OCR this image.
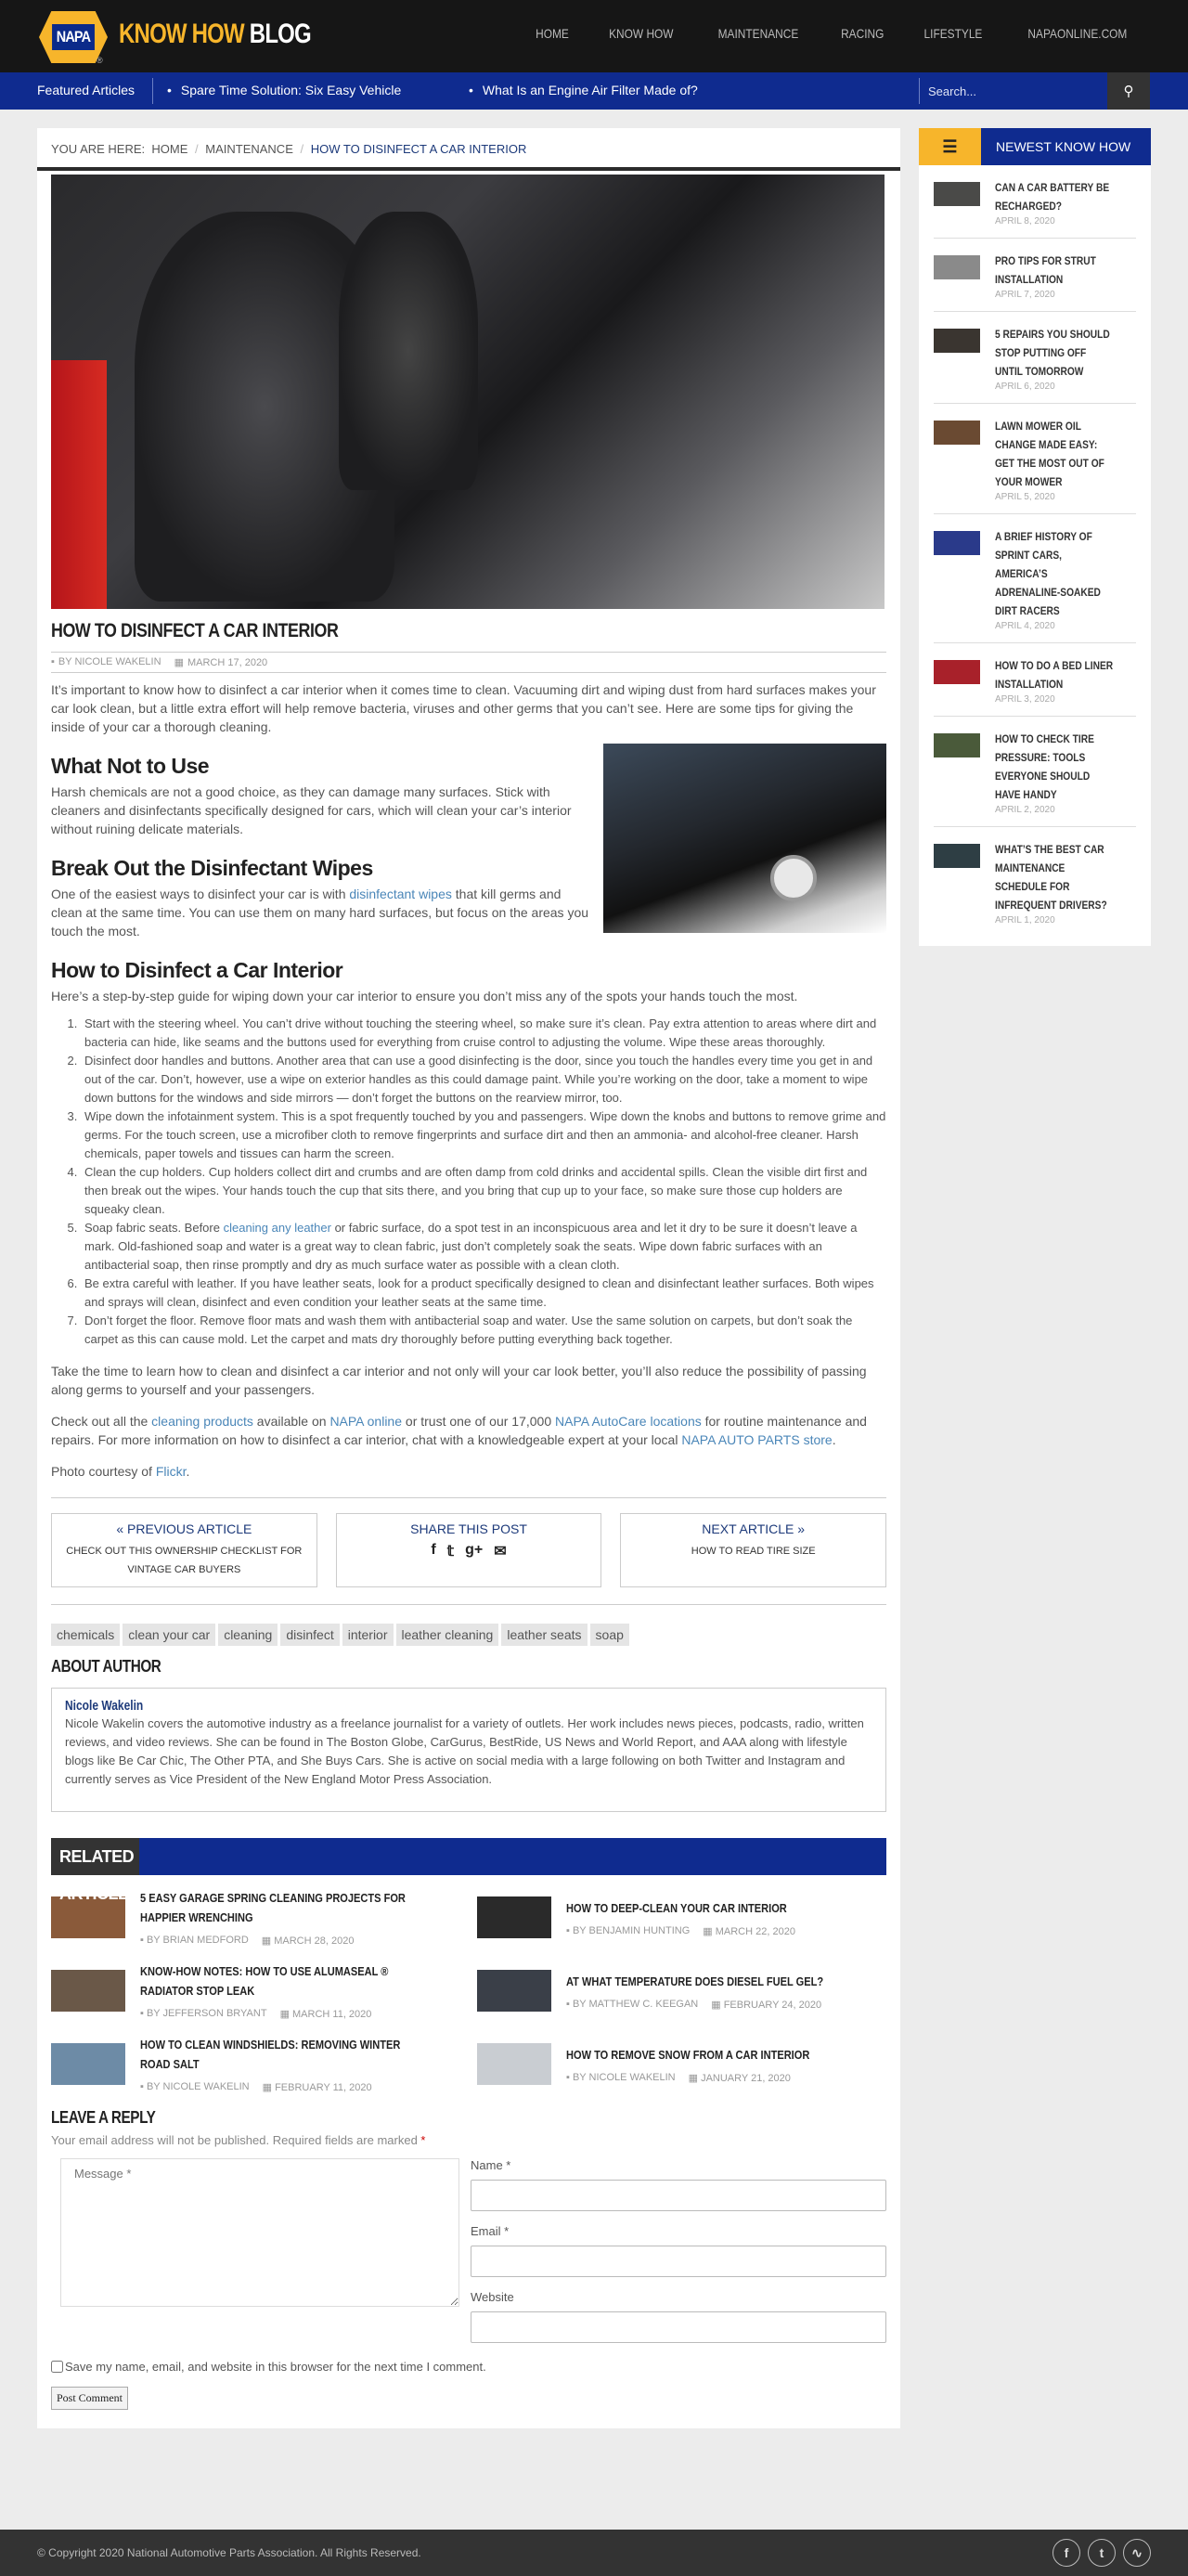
NAPA
®
KNOW HOW BLOG	HOME	KNOW HOW	MAINTENANCE	RACING	LIFESTYLE	NAPAONLINE.COM
Featured Articles	• Spare Time Solution: Six Easy Vehicle	• What Is an Engine Air Filter Made of?
Search...	⚲
YOU ARE HERE: HOME / MAINTENANCE / HOW TO DISINFECT A CAR INTERIOR
HOW TO DISINFECT A CAR INTERIOR
▪ BY NICOLE WAKELIN ▦ MARCH 17, 2020

It’s important to know how to disinfect a car interior when it comes time to clean. Vacuuming dirt and wiping dust from hard surfaces makes your car look clean, but a little extra effort will help remove bacteria, viruses and other germs that you can’t see. Here are some tips for giving the inside of your car a thorough cleaning.

What Not to Use

Harsh chemicals are not a good choice, as they can damage many surfaces. Stick with cleaners and disinfectants specifically designed for cars, which will clean your car’s interior without ruining delicate materials.

Break Out the Disinfectant Wipes

One of the easiest ways to disinfect your car is with disinfectant wipes that kill germs and clean at the same time. You can use them on many hard surfaces, but focus on the areas you touch the most.

How to Disinfect a Car Interior

Here’s a step-by-step guide for wiping down your car interior to ensure you don’t miss any of the spots your hands touch the most.

1. Start with the steering wheel. You can’t drive without touching the steering wheel, so make sure it’s clean. Pay extra attention to areas where dirt and bacteria can hide, like seams and the buttons used for everything from cruise control to adjusting the volume. Wipe these areas thoroughly.
2. Disinfect door handles and buttons. Another area that can use a good disinfecting is the door, since you touch the handles every time you get in and out of the car. Don’t, however, use a wipe on exterior handles as this could damage paint. While you’re working on the door, take a moment to wipe down buttons for the windows and side mirrors — don’t forget the buttons on the rearview mirror, too.
3. Wipe down the infotainment system. This is a spot frequently touched by you and passengers. Wipe down the knobs and buttons to remove grime and germs. For the touch screen, use a microfiber cloth to remove fingerprints and surface dirt and then an ammonia- and alcohol-free cleaner. Harsh chemicals, paper towels and tissues can harm the screen.
4. Clean the cup holders. Cup holders collect dirt and crumbs and are often damp from cold drinks and accidental spills. Clean the visible dirt first and then break out the wipes. Your hands touch the cup that sits there, and you bring that cup up to your face, so make sure those cup holders are squeaky clean.
5. Soap fabric seats. Before cleaning any leather or fabric surface, do a spot test in an inconspicuous area and let it dry to be sure it doesn’t leave a mark. Old-fashioned soap and water is a great way to clean fabric, just don’t completely soak the seats. Wipe down fabric surfaces with an antibacterial soap, then rinse promptly and dry as much surface water as possible with a clean cloth.
6. Be extra careful with leather. If you have leather seats, look for a product specifically designed to clean and disinfectant leather surfaces. Both wipes and sprays will clean, disinfect and even condition your leather seats at the same time.
7. Don’t forget the floor. Remove floor mats and wash them with antibacterial soap and water. Use the same solution on carpets, but don’t soak the carpet as this can cause mold. Let the carpet and mats dry thoroughly before putting everything back together.

Take the time to learn how to clean and disinfect a car interior and not only will your car look better, you’ll also reduce the possibility of passing along germs to yourself and your passengers.

Check out all the cleaning products available on NAPA online or trust one of our 17,000 NAPA AutoCare locations for routine maintenance and repairs. For more information on how to disinfect a car interior, chat with a knowledgeable expert at your local NAPA AUTO PARTS store.

Photo courtesy of Flickr.

« PREVIOUS ARTICLE
CHECK OUT THIS OWNERSHIP CHECKLIST FOR VINTAGE CAR BUYERS
SHARE THIS POST
f 𝕥 g+ ✉
NEXT ARTICLE »
HOW TO READ TIRE SIZE
chemicals	clean your car	cleaning	disinfect	interior	leather cleaning	leather seats	soap
ABOUT AUTHOR
Nicole Wakelin
Nicole Wakelin covers the automotive industry as a freelance journalist for a variety of outlets. Her work includes news pieces, podcasts, radio, written reviews, and video reviews. She can be found in The Boston Globe, CarGurus, BestRide, US News and World Report, and AAA along with lifestyle blogs like Be Car Chic, The Other PTA, and She Buys Cars. She is active on social media with a large following on both Twitter and Instagram and currently serves as Vice President of the New England Motor Press Association.
RELATED ARTICLES 5 EASY GARAGE SPRING CLEANING PROJECTS FOR HAPPIER WRENCHING
▪ BY BRIAN MEDFORD ▦ MARCH 28, 2020
HOW TO DEEP-CLEAN YOUR CAR INTERIOR
▪ BY BENJAMIN HUNTING ▦ MARCH 22, 2020
KNOW-HOW NOTES: HOW TO USE ALUMASEAL ® RADIATOR STOP LEAK
▪ BY JEFFERSON BRYANT ▦ MARCH 11, 2020
AT WHAT TEMPERATURE DOES DIESEL FUEL GEL?
▪ BY MATTHEW C. KEEGAN ▦ FEBRUARY 24, 2020
HOW TO CLEAN WINDSHIELDS: REMOVING WINTER ROAD SALT
▪ BY NICOLE WAKELIN ▦ FEBRUARY 11, 2020
HOW TO REMOVE SNOW FROM A CAR INTERIOR
▪ BY NICOLE WAKELIN ▦ JANUARY 21, 2020
LEAVE A REPLY
Your email address will not be published. Required fields are marked *
Message *
Name *
Email *
Website
Save my name, email, and website in this browser for the next time I comment.
Post Comment
☰	NEWEST KNOW HOW
CAN A CAR BATTERY BE RECHARGED?
APRIL 8, 2020
PRO TIPS FOR STRUT INSTALLATION
APRIL 7, 2020
5 REPAIRS YOU SHOULD STOP PUTTING OFF UNTIL TOMORROW
APRIL 6, 2020
LAWN MOWER OIL CHANGE MADE EASY: GET THE MOST OUT OF YOUR MOWER
APRIL 5, 2020
A BRIEF HISTORY OF SPRINT CARS, AMERICA’S ADRENALINE-SOAKED DIRT RACERS
APRIL 4, 2020
HOW TO DO A BED LINER INSTALLATION
APRIL 3, 2020
HOW TO CHECK TIRE PRESSURE: TOOLS EVERYONE SHOULD HAVE HANDY
APRIL 2, 2020
WHAT’S THE BEST CAR MAINTENANCE SCHEDULE FOR INFREQUENT DRIVERS?
APRIL 1, 2020
© Copyright 2020 National Automotive Parts Association. All Rights Reserved.	f	t	∿
